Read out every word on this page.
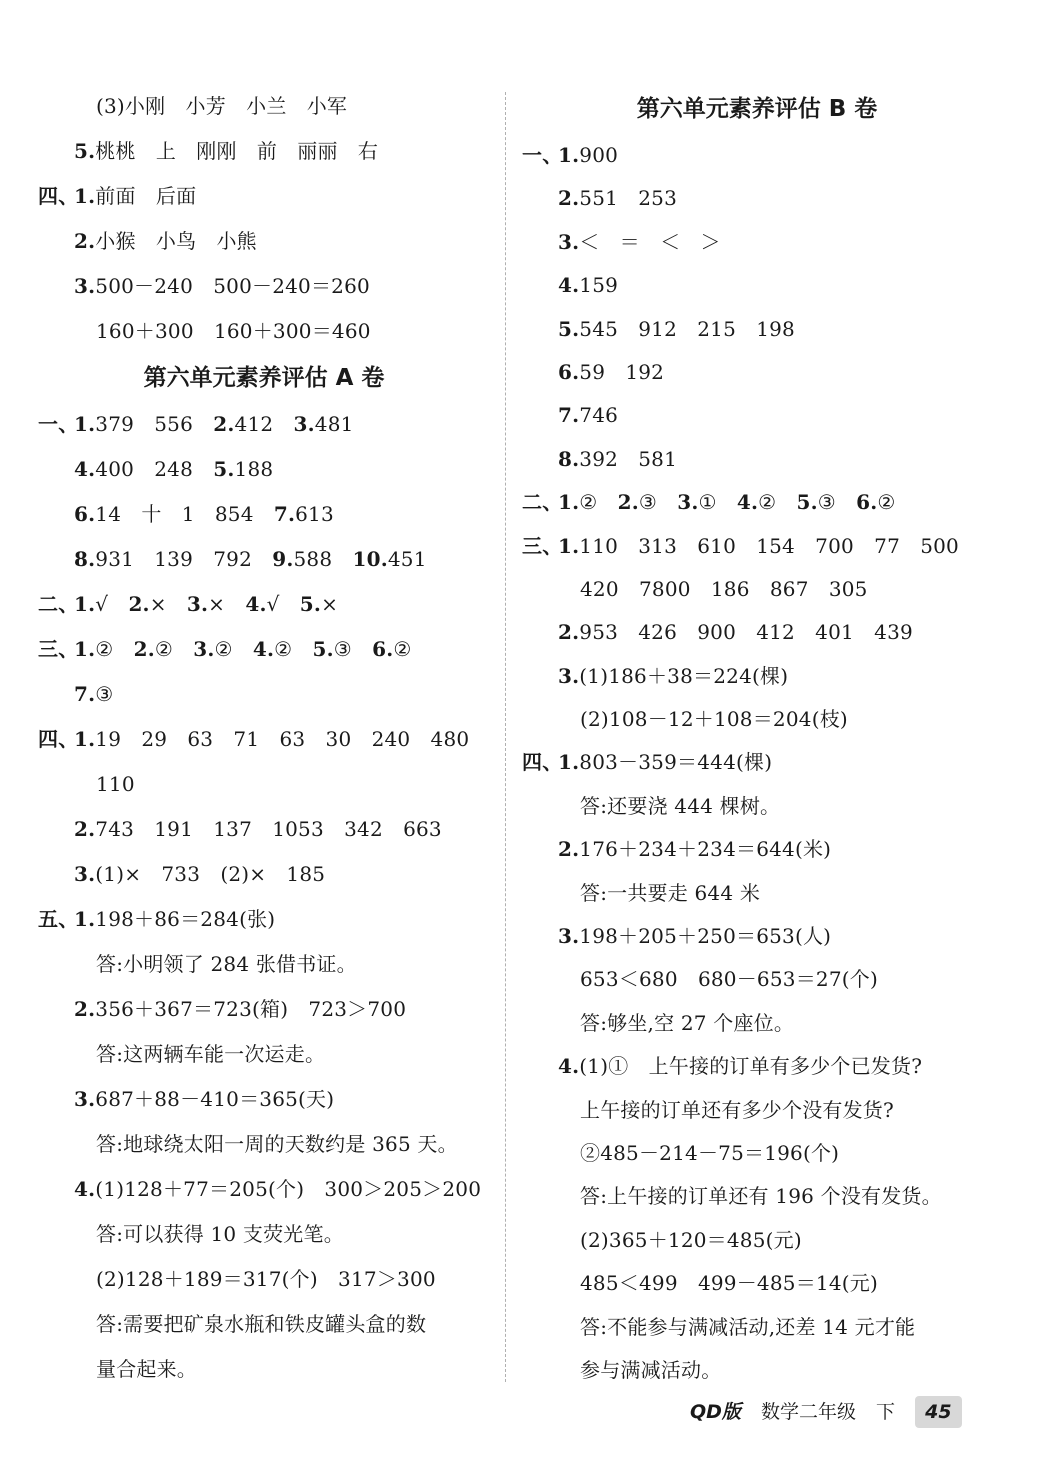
(3)小刚　小芳　小兰　小军
5.桃桃　上　刚刚　前　丽丽　右
四、
1.前面　后面
2.小猴　小鸟　小熊
3.500－240　500－240＝260
160＋300　160＋300＝460
第六单元素养评估 A 卷
一、
1.379　556　2.412　3.481
4.400　248　5.188
6.14　十　1　854　7.613
8.931　139　792　9.588　10.451
二、
1.√　2.×　3.×　4.√　5.×
三、
1.②　2.②　3.②　4.②　5.③　6.②
7.③
四、
1.19　29　63　71　63　30　240　480
110
2.743　191　137　1053　342　663
3.(1)×　733　(2)×　185
五、
1.198＋86＝284(张)
答:小明领了 284 张借书证。
2.356＋367＝723(箱)　723＞700
答:这两辆车能一次运走。
3.687＋88－410＝365(天)
答:地球绕太阳一周的天数约是 365 天。
4.(1)128＋77＝205(个)　300＞205＞200
答:可以获得 10 支荧光笔。
(2)128＋189＝317(个)　317＞300
答:需要把矿泉水瓶和铁皮罐头盒的数
量合起来。
第六单元素养评估 B 卷
一、
1.900
2.551　253
3.＜　＝　＜　＞
4.159
5.545　912　215　198
6.59　192
7.746
8.392　581
二、
1.②　2.③　3.①　4.②　5.③　6.②
三、
1.110　313　610　154　700　77　500
420　7800　186　867　305
2.953　426　900　412　401　439
3.(1)186＋38＝224(棵)
(2)108－12＋108＝204(枝)
四、
1.803－359＝444(棵)
答:还要浇 444 棵树。
2.176＋234＋234＝644(米)
答:一共要走 644 米
3.198＋205＋250＝653(人)
653＜680　680－653＝27(个)
答:够坐,空 27 个座位。
4.(1)①　上午接的订单有多少个已发货?
上午接的订单还有多少个没有发货?
②485－214－75＝196(个)
答:上午接的订单还有 196 个没有发货。
(2)365＋120＝485(元)
485＜499　499－485＝14(元)
答:不能参与满减活动,还差 14 元才能
参与满减活动。
QD版 数学二年级 下 45
